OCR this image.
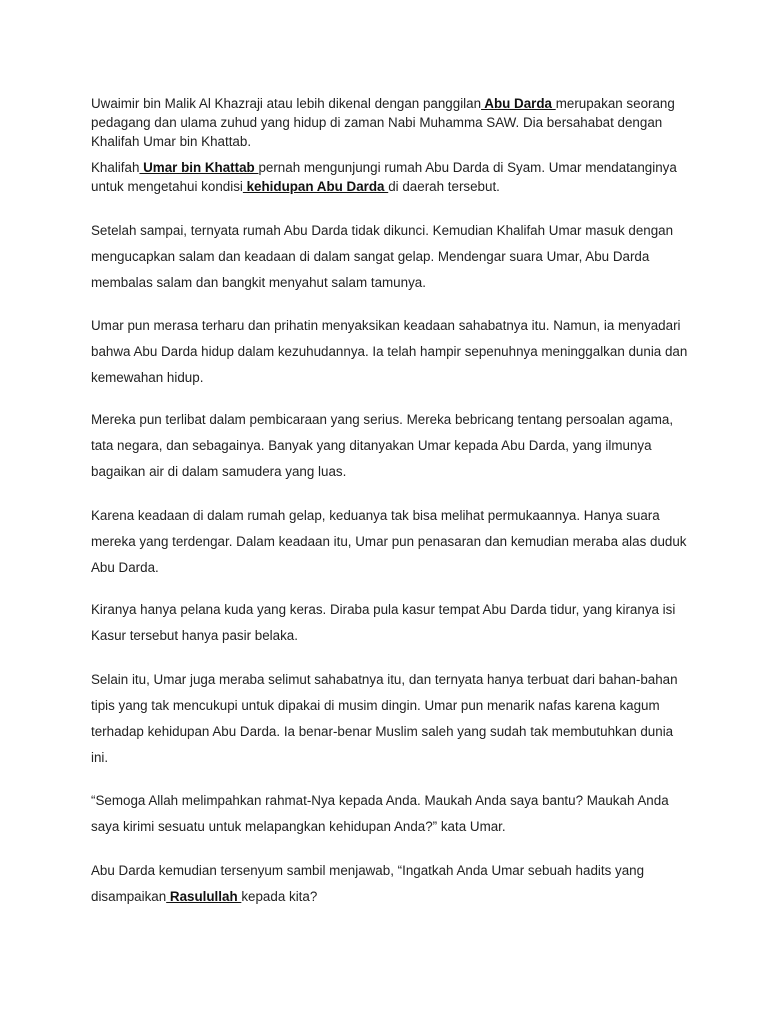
Uwaimir bin Malik Al Khazraji atau lebih dikenal dengan panggilan Abu Darda merupakan seorang pedagang dan ulama zuhud yang hidup di zaman Nabi Muhamma SAW. Dia bersahabat dengan Khalifah Umar bin Khattab.

Khalifah Umar bin Khattab pernah mengunjungi rumah Abu Darda di Syam. Umar mendatanginya untuk mengetahui kondisi kehidupan Abu Darda di daerah tersebut.

Setelah sampai, ternyata rumah Abu Darda tidak dikunci. Kemudian Khalifah Umar masuk dengan mengucapkan salam dan keadaan di dalam sangat gelap. Mendengar suara Umar, Abu Darda membalas salam dan bangkit menyahut salam tamunya.

Umar pun merasa terharu dan prihatin menyaksikan keadaan sahabatnya itu. Namun, ia menyadari bahwa Abu Darda hidup dalam kezuhudannya. Ia telah hampir sepenuhnya meninggalkan dunia dan kemewahan hidup.

Mereka pun terlibat dalam pembicaraan yang serius. Mereka bebricang tentang persoalan agama, tata negara, dan sebagainya. Banyak yang ditanyakan Umar kepada Abu Darda, yang ilmunya bagaikan air di dalam samudera yang luas.

Karena keadaan di dalam rumah gelap, keduanya tak bisa melihat permukaannya. Hanya suara mereka yang terdengar. Dalam keadaan itu, Umar pun penasaran dan kemudian meraba alas duduk Abu Darda.

Kiranya hanya pelana kuda yang keras. Diraba pula kasur tempat Abu Darda tidur, yang kiranya isi Kasur tersebut hanya pasir belaka.

Selain itu, Umar juga meraba selimut sahabatnya itu, dan ternyata hanya terbuat dari bahan-bahan tipis yang tak mencukupi untuk dipakai di musim dingin. Umar pun menarik nafas karena kagum terhadap kehidupan Abu Darda. Ia benar-benar Muslim saleh yang sudah tak membutuhkan dunia ini.

“Semoga Allah melimpahkan rahmat-Nya kepada Anda. Maukah Anda saya bantu? Maukah Anda saya kirimi sesuatu untuk melapangkan kehidupan Anda?” kata Umar.

Abu Darda kemudian tersenyum sambil menjawab, “Ingatkah Anda Umar sebuah hadits yang disampaikan Rasulullah kepada kita?
